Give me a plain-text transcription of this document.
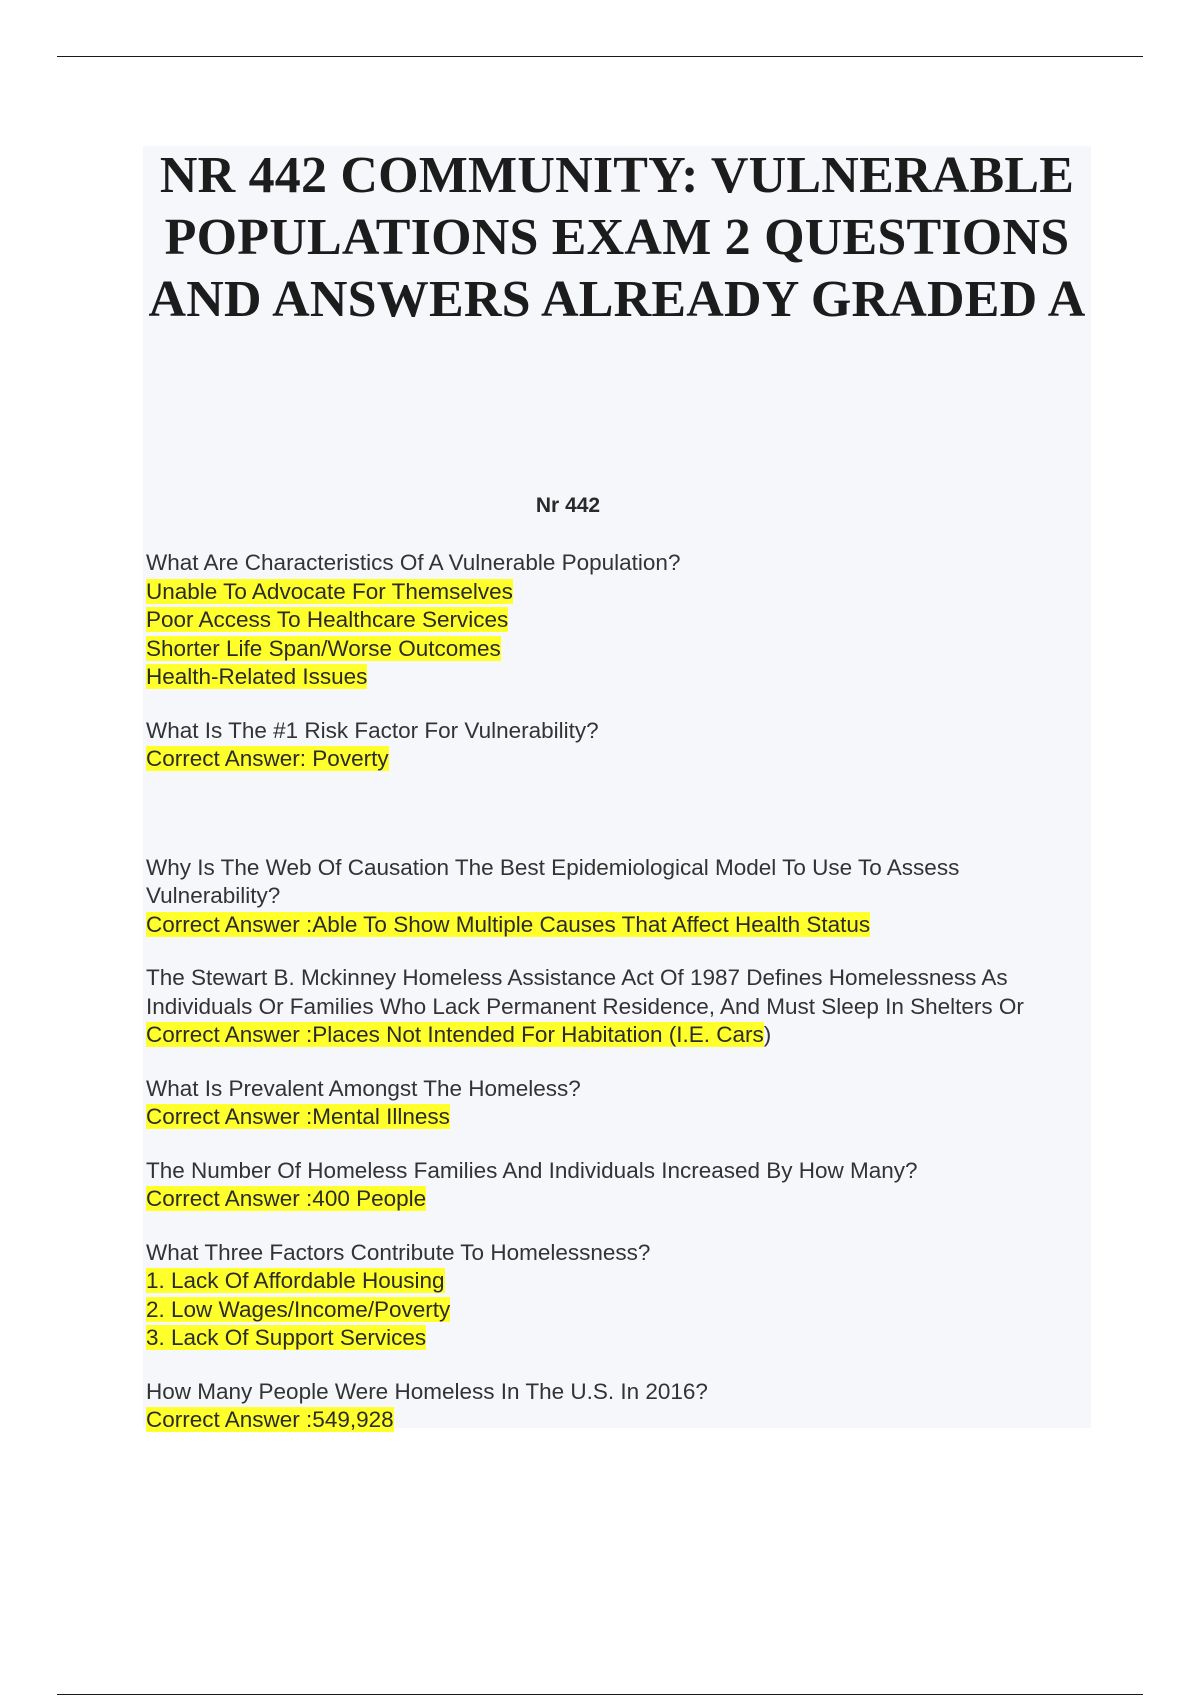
NR 442 COMMUNITY: VULNERABLE POPULATIONS EXAM 2 QUESTIONS AND ANSWERS ALREADY GRADED A
Nr 442
What Are Characteristics Of A Vulnerable Population?
Unable To Advocate For Themselves
Poor Access To Healthcare Services
Shorter Life Span/Worse Outcomes
Health-Related Issues
What Is The #1 Risk Factor For Vulnerability?
Correct Answer: Poverty
Why Is The Web Of Causation The Best Epidemiological Model To Use To Assess Vulnerability?
Correct Answer :Able To Show Multiple Causes That Affect Health Status
The Stewart B. Mckinney Homeless Assistance Act Of 1987 Defines Homelessness As Individuals Or Families Who Lack Permanent Residence, And Must Sleep In Shelters Or Correct Answer :Places Not Intended For Habitation (I.E. Cars)
What Is Prevalent Amongst The Homeless?
Correct Answer :Mental Illness
The Number Of Homeless Families And Individuals Increased By How Many?
Correct Answer :400 People
What Three Factors Contribute To Homelessness?
1. Lack Of Affordable Housing
2. Low Wages/Income/Poverty
3. Lack Of Support Services
How Many People Were Homeless In The U.S. In 2016?
Correct Answer :549,928
